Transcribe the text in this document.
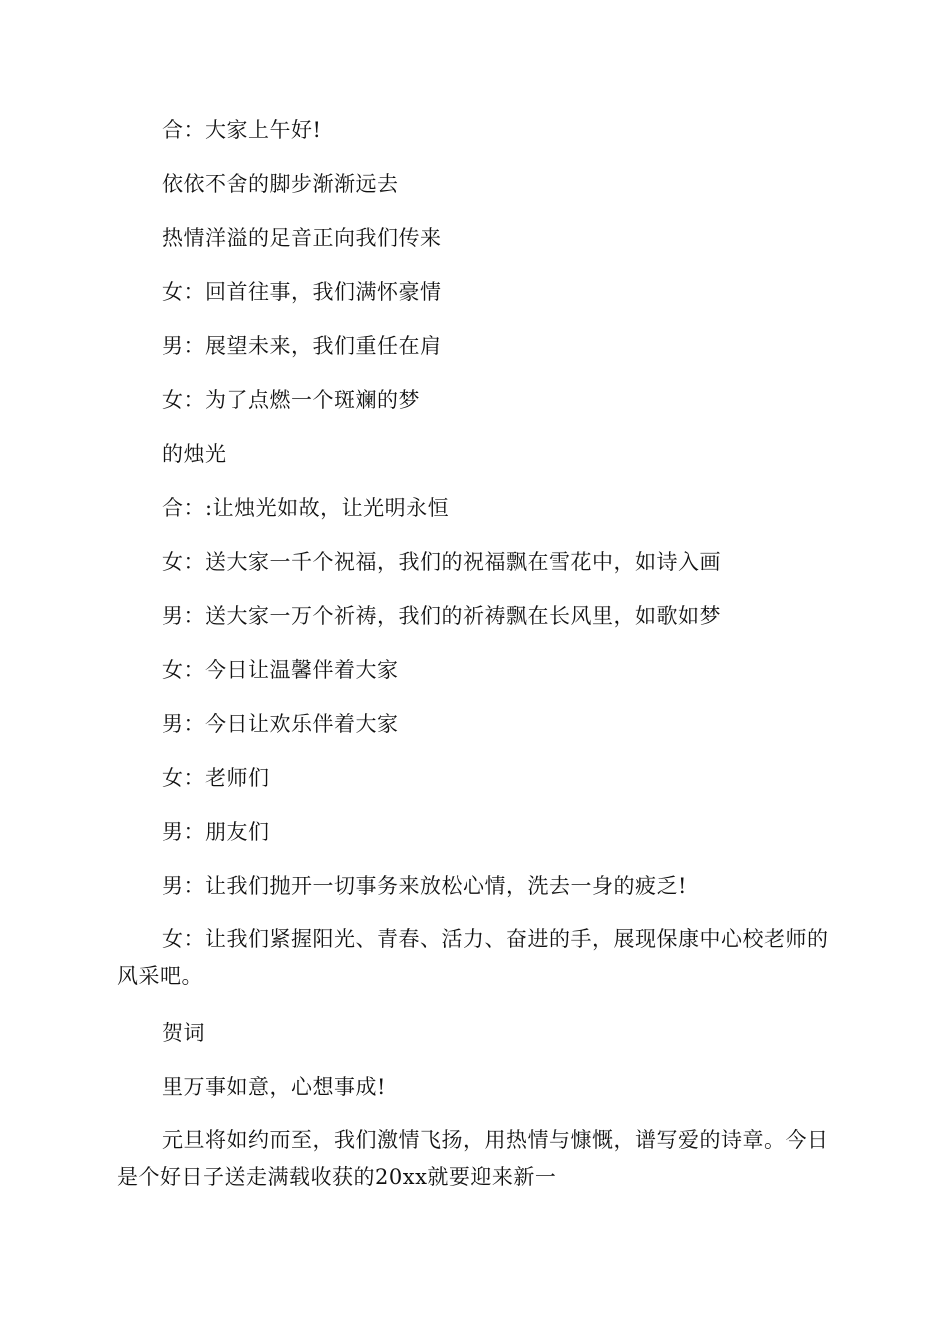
合：大家上午好!
依依不舍的脚步渐渐远去
热情洋溢的足音正向我们传来
女：回首往事，我们满怀豪情
男：展望未来，我们重任在肩
女：为了点燃一个斑斓的梦
的烛光
合：:让烛光如故，让光明永恒
女：送大家一千个祝福，我们的祝福飘在雪花中，如诗入画
男：送大家一万个祈祷，我们的祈祷飘在长风里，如歌如梦
女：今日让温馨伴着大家
男：今日让欢乐伴着大家
女：老师们
男：朋友们
男：让我们抛开一切事务来放松心情，洗去一身的疲乏!
女：让我们紧握阳光、青春、活力、奋进的手，展现保康中心校老师的风采吧。
贺词
里万事如意，心想事成!
元旦将如约而至，我们激情飞扬，用热情与慷慨，谱写爱的诗章。今日是个好日子送走满载收获的20xx就要迎来新一
